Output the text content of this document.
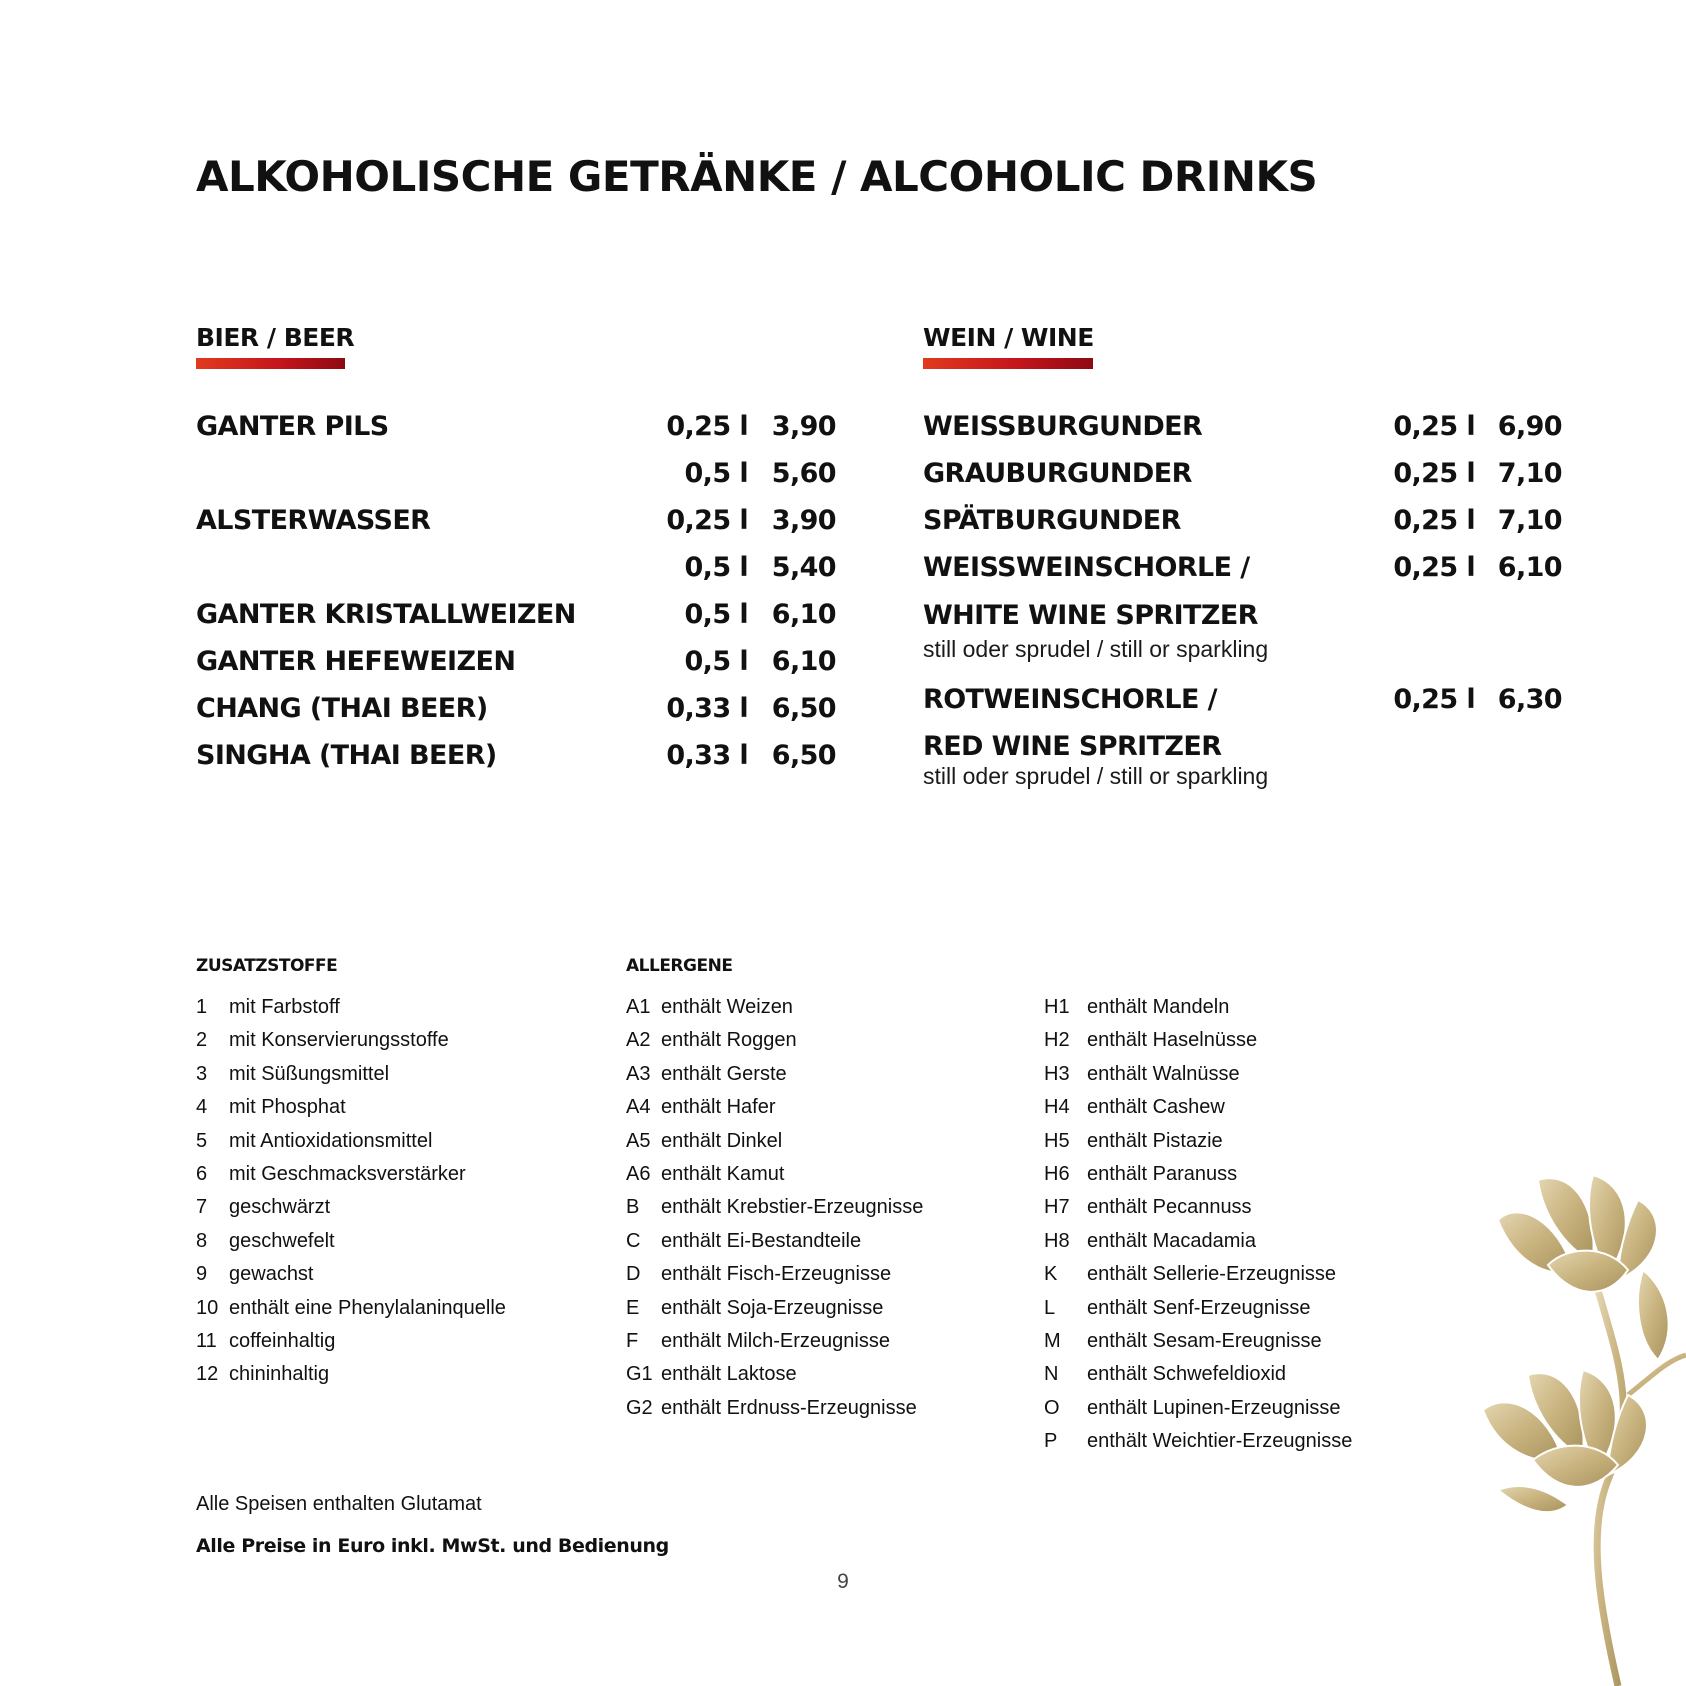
ALKOHOLISCHE GETRÄNKE / ALCOHOLIC DRINKS
BIER / BEER
GANTER PILS	0,25 l 3,90
0,5 l 5,60
ALSTERWASSER	0,25 l 3,90
0,5 l 5,40
GANTER KRISTALLWEIZEN	0,5 l 6,10
GANTER HEFEWEIZEN	0,5 l 6,10
CHANG (THAI BEER)	0,33 l 6,50
SINGHA (THAI BEER)	0,33 l 6,50
WEIN / WINE
WEISSBURGUNDER	0,25 l 6,90
GRAUBURGUNDER	0,25 l 7,10
SPÄTBURGUNDER	0,25 l 7,10
WEISSWEINSCHORLE /	0,25 l 6,10
WHITE WINE SPRITZER
ROTWEINSCHORLE /	0,25 l 6,30
RED WINE SPRITZER
still oder sprudel / still or sparkling
still oder sprudel / still or sparkling
ZUSATZSTOFFE
1 mit Farbstoff
2 mit Konservierungsstoffe
3 mit Süßungsmittel
4 mit Phosphat
5 mit Antioxidationsmittel
6 mit Geschmacksverstärker
7 geschwärzt
8 geschwefelt
9 gewachst
10 enthält eine Phenylalaninquelle
11 coffeinhaltig
12 chininhaltig
ALLERGENE
A1 enthält Weizen
A2 enthält Roggen
A3 enthält Gerste
A4 enthält Hafer
A5 enthält Dinkel
A6 enthält Kamut
B enthält Krebstier-Erzeugnisse
C enthält Ei-Bestandteile
D enthält Fisch-Erzeugnisse
E enthält Soja-Erzeugnisse
F enthält Milch-Erzeugnisse
G1 enthält Laktose
G2 enthält Erdnuss-Erzeugnisse
H1 enthält Mandeln
H2 enthält Haselnüsse
H3 enthält Walnüsse
H4 enthält Cashew
H5 enthält Pistazie
H6 enthält Paranuss
H7 enthält Pecannuss
H8 enthält Macadamia
K enthält Sellerie-Erzeugnisse
L enthält Senf-Erzeugnisse
M enthält Sesam-Ereugnisse
N enthält Schwefeldioxid
O enthält Lupinen-Erzeugnisse
P enthält Weichtier-Erzeugnisse
Alle Speisen enthalten Glutamat
Alle Preise in Euro inkl. MwSt. und Bedienung
9
